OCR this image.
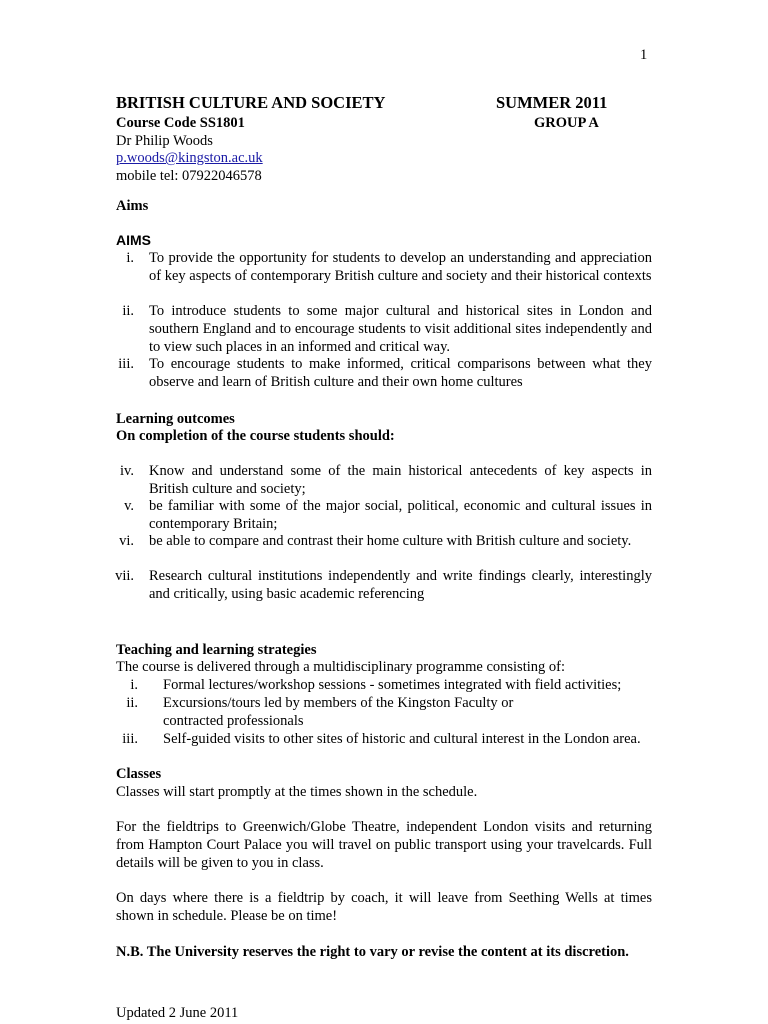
1
BRITISH CULTURE AND SOCIETY	SUMMER 2011
Course Code SS1801	GROUP A
Dr Philip Woods
p.woods@kingston.ac.uk
mobile tel: 07922046578
Aims
AIMS
i. To provide the opportunity for students to develop an understanding and appreciation of key aspects of contemporary British culture and society and their historical contexts
ii. To introduce students to some major cultural and historical sites in London and southern England and to encourage students to visit additional sites independently and to view such places in an informed and critical way.
iii. To encourage students to make informed, critical comparisons between what they observe and learn of British culture and their own home cultures
Learning outcomes
On completion of the course students should:
iv. Know and understand some of the main historical antecedents of key aspects in British culture and society;
v. be familiar with some of the major social, political, economic and cultural issues in contemporary Britain;
vi. be able to compare and contrast their home culture with British culture and society.
vii. Research cultural institutions independently and write findings clearly, interestingly and critically, using basic academic referencing
Teaching and learning strategies
The course is delivered through a multidisciplinary programme consisting of:
i. Formal lectures/workshop sessions - sometimes integrated with field activities;
ii. Excursions/tours led by members of the Kingston Faculty or contracted professionals
iii. Self-guided visits to other sites of historic and cultural interest in the London area.
Classes
Classes will start promptly at the times shown in the schedule.
For the fieldtrips to Greenwich/Globe Theatre, independent London visits and returning from Hampton Court Palace you will travel on public transport using your travelcards. Full details will be given to you in class.
On days where there is a fieldtrip by coach, it will leave from Seething Wells at times shown in schedule. Please be on time!
N.B. The University reserves the right to vary or revise the content at its discretion.
Updated 2 June 2011
